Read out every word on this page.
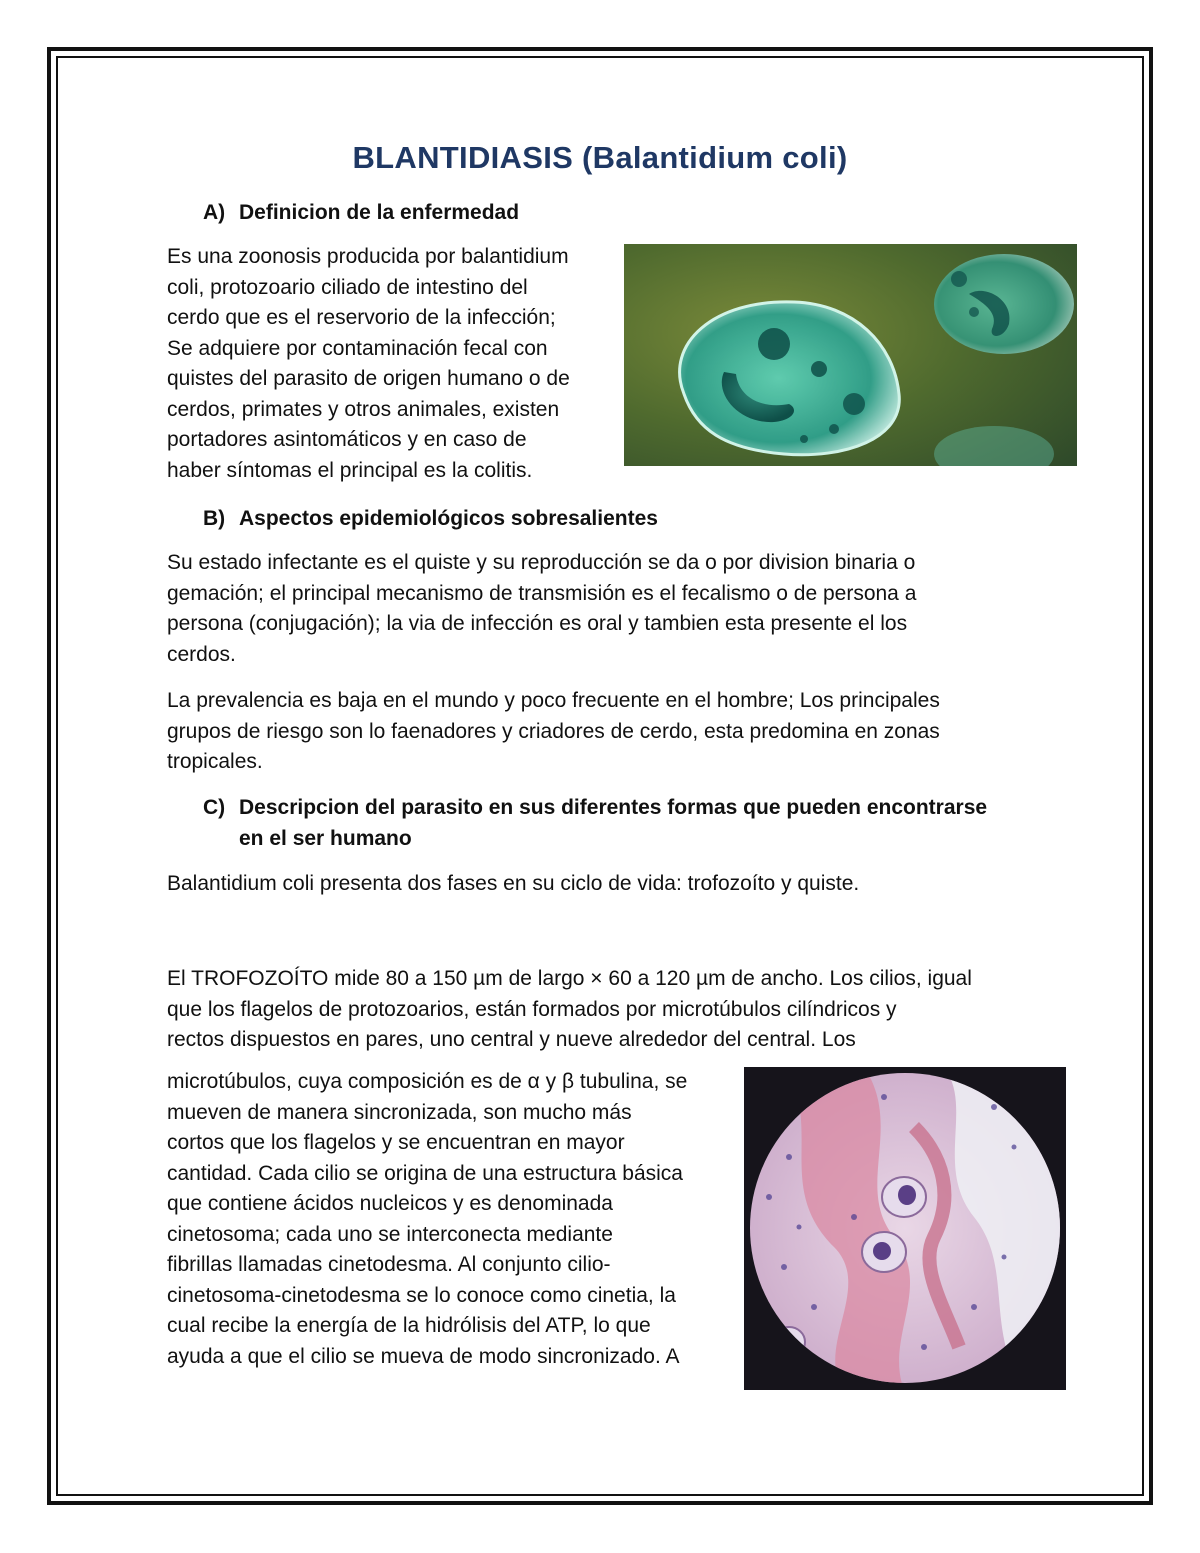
BLANTIDIASIS (Balantidium coli)
A) Definicion de la enfermedad
Es una zoonosis producida por balantidium
coli, protozoario ciliado de intestino del
cerdo que es el reservorio de la infección;
Se adquiere por contaminación fecal con
quistes del parasito de origen humano o de
cerdos, primates y otros animales, existen
portadores asintomáticos y en caso de
haber síntomas el principal es la colitis.
B) Aspectos epidemiológicos sobresalientes
Su estado infectante es el quiste y su reproducción se da o por division binaria o
gemación; el principal mecanismo de transmisión es el fecalismo o de persona a
persona (conjugación); la via de infección es oral y tambien esta presente el los
cerdos.
La prevalencia es baja en el mundo y poco frecuente en el hombre; Los principales
grupos de riesgo son lo faenadores y criadores de cerdo, esta predomina en zonas
tropicales.
C) Descripcion del parasito en sus diferentes formas que pueden encontrarse
en el ser humano
Balantidium coli presenta dos fases en su ciclo de vida: trofozoíto y quiste.
El TROFOZOÍTO mide 80 a 150 µm de largo × 60 a 120 µm de ancho. Los cilios, igual
que los flagelos de protozoarios, están formados por microtúbulos cilíndricos y
rectos dispuestos en pares, uno central y nueve alrededor del central. Los
microtúbulos, cuya composición es de α y β tubulina, se
mueven de manera sincronizada, son mucho más
cortos que los flagelos y se encuentran en mayor
cantidad. Cada cilio se origina de una estructura básica
que contiene ácidos nucleicos y es denominada
cinetosoma; cada uno se interconecta mediante
fibrillas llamadas cinetodesma. Al conjunto cilio-
cinetosoma-cinetodesma se lo conoce como cinetia, la
cual recibe la energía de la hidrólisis del ATP, lo que
ayuda a que el cilio se mueva de modo sincronizado. A
